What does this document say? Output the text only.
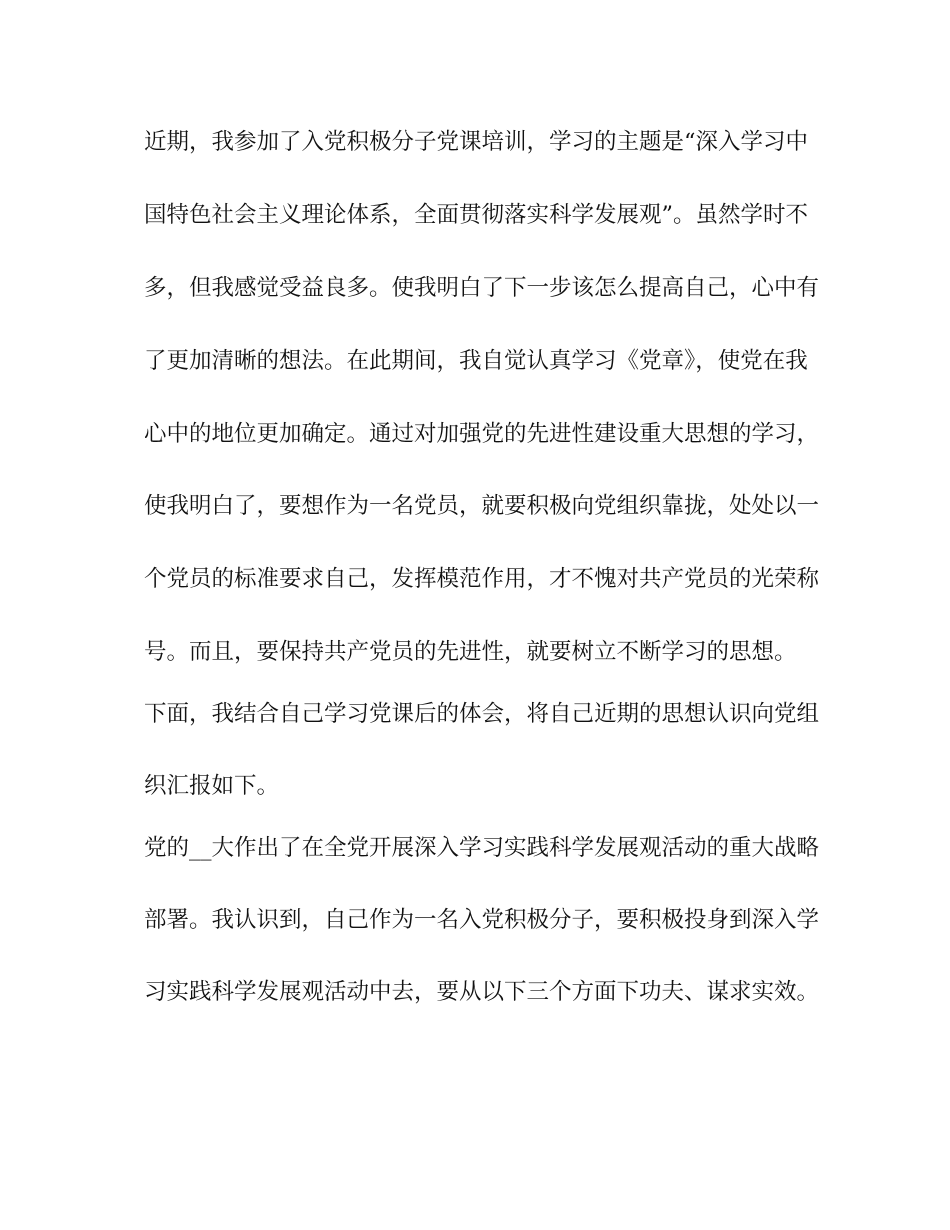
近期，我参加了入党积极分子党课培训，学习的主题是“深入学习中
国特色社会主义理论体系，全面贯彻落实科学发展观”。虽然学时不
多，但我感觉受益良多。使我明白了下一步该怎么提高自己，心中有
了更加清晰的想法。在此期间，我自觉认真学习《党章》，使党在我
心中的地位更加确定。通过对加强党的先进性建设重大思想的学习，
使我明白了，要想作为一名党员，就要积极向党组织靠拢，处处以一
个党员的标准要求自己，发挥模范作用，才不愧对共产党员的光荣称
号。而且，要保持共产党员的先进性，就要树立不断学习的思想。
下面，我结合自己学习党课后的体会，将自己近期的思想认识向党组
织汇报如下。
党的__大作出了在全党开展深入学习实践科学发展观活动的重大战略
部署。我认识到，自己作为一名入党积极分子，要积极投身到深入学
习实践科学发展观活动中去，要从以下三个方面下功夫、谋求实效。
